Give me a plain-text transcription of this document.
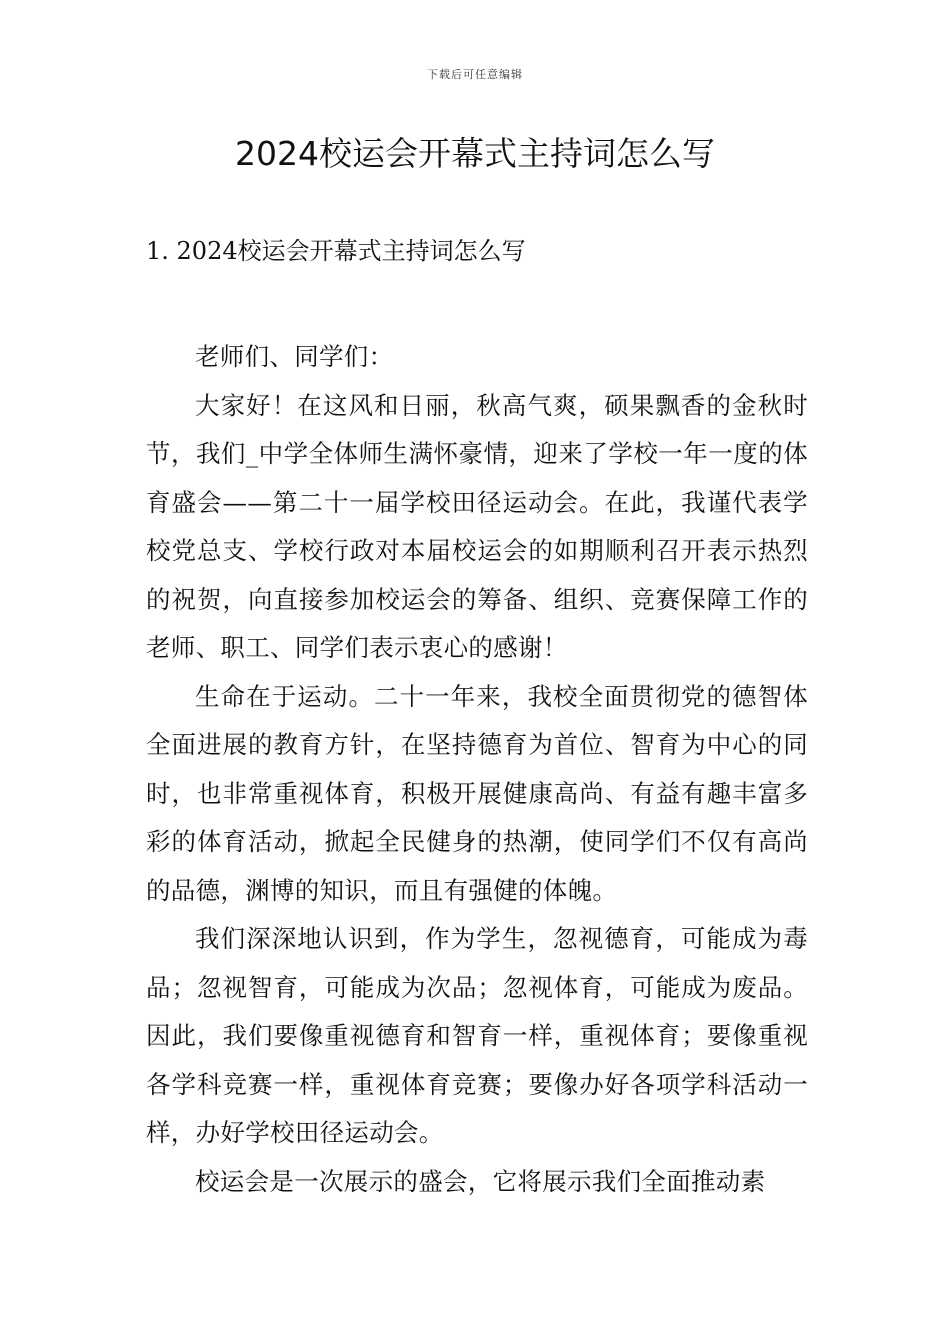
下载后可任意编辑
2024校运会开幕式主持词怎么写
1. 2024校运会开幕式主持词怎么写

老师们、同学们：

大家好！在这风和日丽，秋高气爽，硕果飘香的金秋时节，我们_中学全体师生满怀豪情，迎来了学校一年一度的体育盛会——第二十一届学校田径运动会。在此，我谨代表学校党总支、学校行政对本届校运会的如期顺利召开表示热烈的祝贺，向直接参加校运会的筹备、组织、竞赛保障工作的老师、职工、同学们表示衷心的感谢！

生命在于运动。二十一年来，我校全面贯彻党的德智体全面进展的教育方针，在坚持德育为首位、智育为中心的同时，也非常重视体育，积极开展健康高尚、有益有趣丰富多彩的体育活动，掀起全民健身的热潮，使同学们不仅有高尚的品德，渊博的知识，而且有强健的体魄。

我们深深地认识到，作为学生，忽视德育，可能成为毒品；忽视智育，可能成为次品；忽视体育，可能成为废品。因此，我们要像重视德育和智育一样，重视体育；要像重视各学科竞赛一样，重视体育竞赛；要像办好各项学科活动一样，办好学校田径运动会。

校运会是一次展示的盛会，它将展示我们全面推动素
